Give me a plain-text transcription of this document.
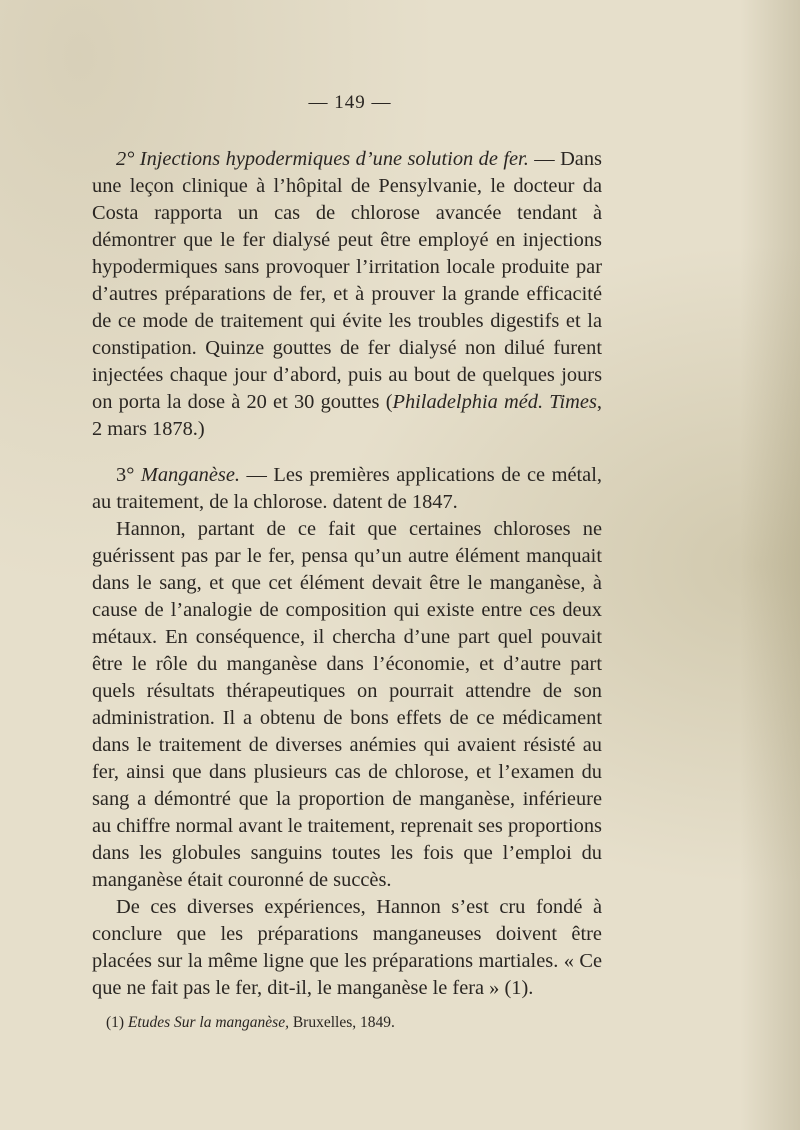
— 149 —

2° Injections hypodermiques d’une solution de fer. — Dans une leçon clinique à l’hôpital de Pensylvanie, le docteur da Costa rapporta un cas de chlorose avancée tendant à démontrer que le fer dialysé peut être employé en injections hypodermiques sans provoquer l’irritation locale produite par d’autres préparations de fer, et à prouver la grande efficacité de ce mode de traitement qui évite les troubles digestifs et la constipation. Quinze gouttes de fer dialysé non dilué furent injectées chaque jour d’abord, puis au bout de quelques jours on porta la dose à 20 et 30 gouttes (Philadelphia méd. Times, 2 mars 1878.)

3° Manganèse. — Les premières applications de ce métal, au traitement, de la chlorose. datent de 1847.

Hannon, partant de ce fait que certaines chloroses ne guérissent pas par le fer, pensa qu’un autre élément manquait dans le sang, et que cet élément devait être le manganèse, à cause de l’analogie de composition qui existe entre ces deux métaux. En conséquence, il chercha d’une part quel pouvait être le rôle du manganèse dans l’économie, et d’autre part quels résultats thérapeutiques on pourrait attendre de son administration. Il a obtenu de bons effets de ce médicament dans le traitement de diverses anémies qui avaient résisté au fer, ainsi que dans plusieurs cas de chlorose, et l’examen du sang a démontré que la proportion de manganèse, inférieure au chiffre normal avant le traitement, reprenait ses proportions dans les globules sanguins toutes les fois que l’emploi du manganèse était couronné de succès.

De ces diverses expériences, Hannon s’est cru fondé à conclure que les préparations manganeuses doivent être placées sur la même ligne que les préparations martiales. « Ce que ne fait pas le fer, dit-il, le manganèse le fera » (1).

(1) Etudes Sur la manganèse, Bruxelles, 1849.
